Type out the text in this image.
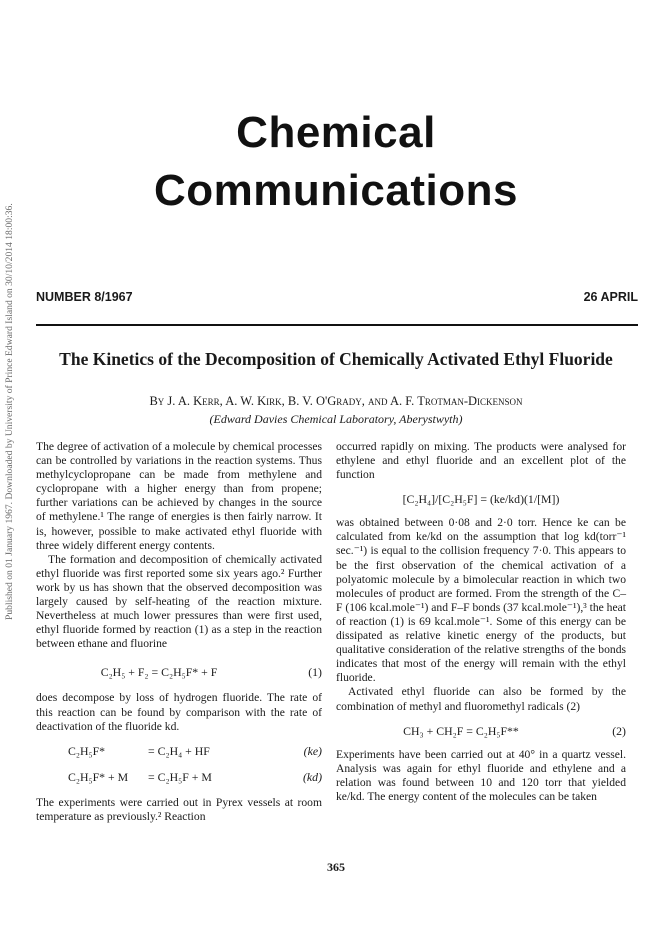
Published on 01 January 1967. Downloaded by University of Prince Edward Island on 30/10/2014 18:00:36.
Chemical
Communications
NUMBER 8/1967	26 APRIL
The Kinetics of the Decomposition of Chemically Activated Ethyl Fluoride
By J. A. Kerr, A. W. Kirk, B. V. O'Grady, and A. F. Trotman-Dickenson
(Edward Davies Chemical Laboratory, Aberystwyth)

The degree of activation of a molecule by chemical processes can be controlled by variations in the reaction systems. Thus methylcyclopropane can be made from methylene and cyclopropane with a higher energy than from propene; further variations can be achieved by changes in the source of methylene.¹ The range of energies is then fairly narrow. It is, however, possible to make activated ethyl fluoride with three widely different energy contents.

The formation and decomposition of chemically activated ethyl fluoride was first reported some six years ago.² Further work by us has shown that the observed decomposition was largely caused by self-heating of the reaction mixture. Nevertheless at much lower pressures than were first used, ethyl fluoride formed by reaction (1) as a step in the reaction between ethane and fluorine

C₂H₅ + F₂ = C₂H₅F* + F	(1)

does decompose by loss of hydrogen fluoride. The rate of this reaction can be found by comparison with the rate of deactivation of the fluoride kd.

C₂H₅F*	= C₂H₄ + HF	(ke)
C₂H₅F* + M = C₂H₅F + M	(kd)

The experiments were carried out in Pyrex vessels at room temperature as previously.² Reaction

occurred rapidly on mixing. The products were analysed for ethylene and ethyl fluoride and an excellent plot of the function

[C₂H₄]/[C₂H₅F] = (ke/kd)(1/[M])

was obtained between 0·08 and 2·0 torr. Hence ke can be calculated from ke/kd on the assumption that log kd(torr⁻¹ sec.⁻¹) is equal to the collision frequency 7·0. This appears to be the first observation of the chemical activation of a polyatomic molecule by a bimolecular reaction in which two molecules of product are formed. From the strength of the C–F (106 kcal.mole⁻¹) and F–F bonds (37 kcal.mole⁻¹),³ the heat of reaction (1) is 69 kcal.mole⁻¹. Some of this energy can be dissipated as relative kinetic energy of the products, but qualitative consideration of the relative strengths of the bonds indicates that most of the energy will remain with the ethyl fluoride.

Activated ethyl fluoride can also be formed by the combination of methyl and fluoromethyl radicals (2)

CH₃ + CH₂F = C₂H₅F**	(2)

Experiments have been carried out at 40° in a quartz vessel. Analysis was again for ethyl fluoride and ethylene and a relation was found between 10 and 120 torr that yielded ke/kd. The energy content of the molecules can be taken

365
